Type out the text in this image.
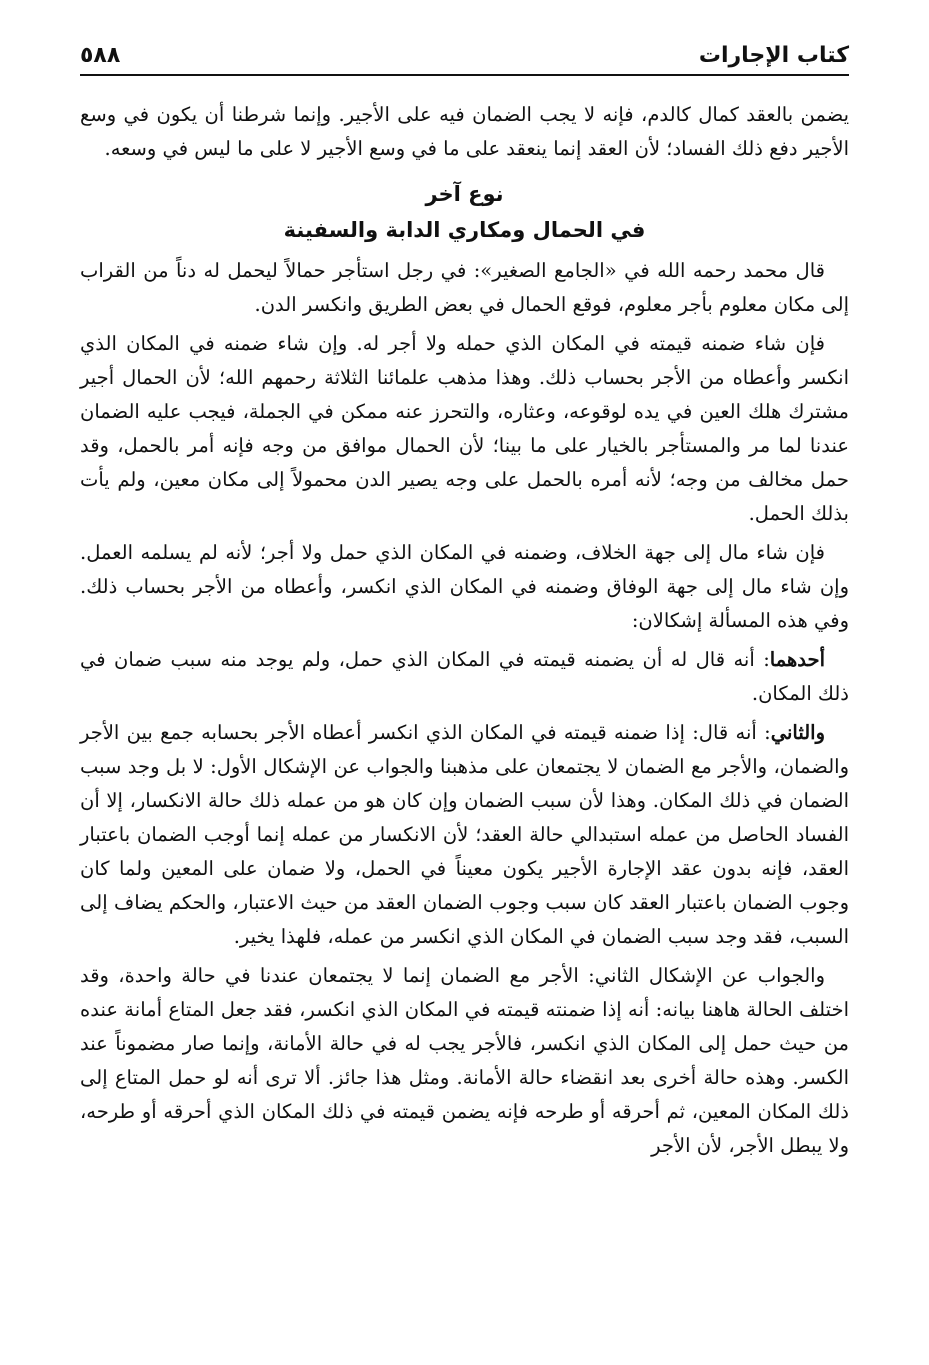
كتاب الإجارات
٥٨٨

يضمن بالعقد كمال كالدم، فإنه لا يجب الضمان فيه على الأجير. وإنما شرطنا أن يكون في وسع الأجير دفع ذلك الفساد؛ لأن العقد إنما ينعقد على ما في وسع الأجير لا على ما ليس في وسعه.

نوع آخر
في الحمال ومكاري الدابة والسفينة

قال محمد رحمه الله في «الجامع الصغير»: في رجل استأجر حمالاً ليحمل له دناً من القراب إلى مكان معلوم بأجر معلوم، فوقع الحمال في بعض الطريق وانكسر الدن.

فإن شاء ضمنه قيمته في المكان الذي حمله ولا أجر له. وإن شاء ضمنه في المكان الذي انكسر وأعطاه من الأجر بحساب ذلك. وهذا مذهب علمائنا الثلاثة رحمهم الله؛ لأن الحمال أجير مشترك هلك العين في يده لوقوعه، وعثاره، والتحرز عنه ممكن في الجملة، فيجب عليه الضمان عندنا لما مر والمستأجر بالخيار على ما بينا؛ لأن الحمال موافق من وجه فإنه أمر بالحمل، وقد حمل مخالف من وجه؛ لأنه أمره بالحمل على وجه يصير الدن محمولاً إلى مكان معين، ولم يأت بذلك الحمل.

فإن شاء مال إلى جهة الخلاف، وضمنه في المكان الذي حمل ولا أجر؛ لأنه لم يسلمه العمل. وإن شاء مال إلى جهة الوفاق وضمنه في المكان الذي انكسر، وأعطاه من الأجر بحساب ذلك. وفي هذه المسألة إشكالان:

أحدهما: أنه قال له أن يضمنه قيمته في المكان الذي حمل، ولم يوجد منه سبب ضمان في ذلك المكان.

والثاني: أنه قال: إذا ضمنه قيمته في المكان الذي انكسر أعطاه الأجر بحسابه جمع بين الأجر والضمان، والأجر مع الضمان لا يجتمعان على مذهبنا والجواب عن الإشكال الأول: لا بل وجد سبب الضمان في ذلك المكان. وهذا لأن سبب الضمان وإن كان هو من عمله ذلك حالة الانكسار، إلا أن الفساد الحاصل من عمله استبدالي حالة العقد؛ لأن الانكسار من عمله إنما أوجب الضمان باعتبار العقد، فإنه بدون عقد الإجارة الأجير يكون معيناً في الحمل، ولا ضمان على المعين ولما كان وجوب الضمان باعتبار العقد كان سبب وجوب الضمان العقد من حيث الاعتبار، والحكم يضاف إلى السبب، فقد وجد سبب الضمان في المكان الذي انكسر من عمله، فلهذا يخير.

والجواب عن الإشكال الثاني: الأجر مع الضمان إنما لا يجتمعان عندنا في حالة واحدة، وقد اختلف الحالة هاهنا بيانه: أنه إذا ضمنته قيمته في المكان الذي انكسر، فقد جعل المتاع أمانة عنده من حيث حمل إلى المكان الذي انكسر، فالأجر يجب له في حالة الأمانة، وإنما صار مضموناً عند الكسر. وهذه حالة أخرى بعد انقضاء حالة الأمانة. ومثل هذا جائز. ألا ترى أنه لو حمل المتاع إلى ذلك المكان المعين، ثم أحرقه أو طرحه فإنه يضمن قيمته في ذلك المكان الذي أحرقه أو طرحه، ولا يبطل الأجر، لأن الأجر
